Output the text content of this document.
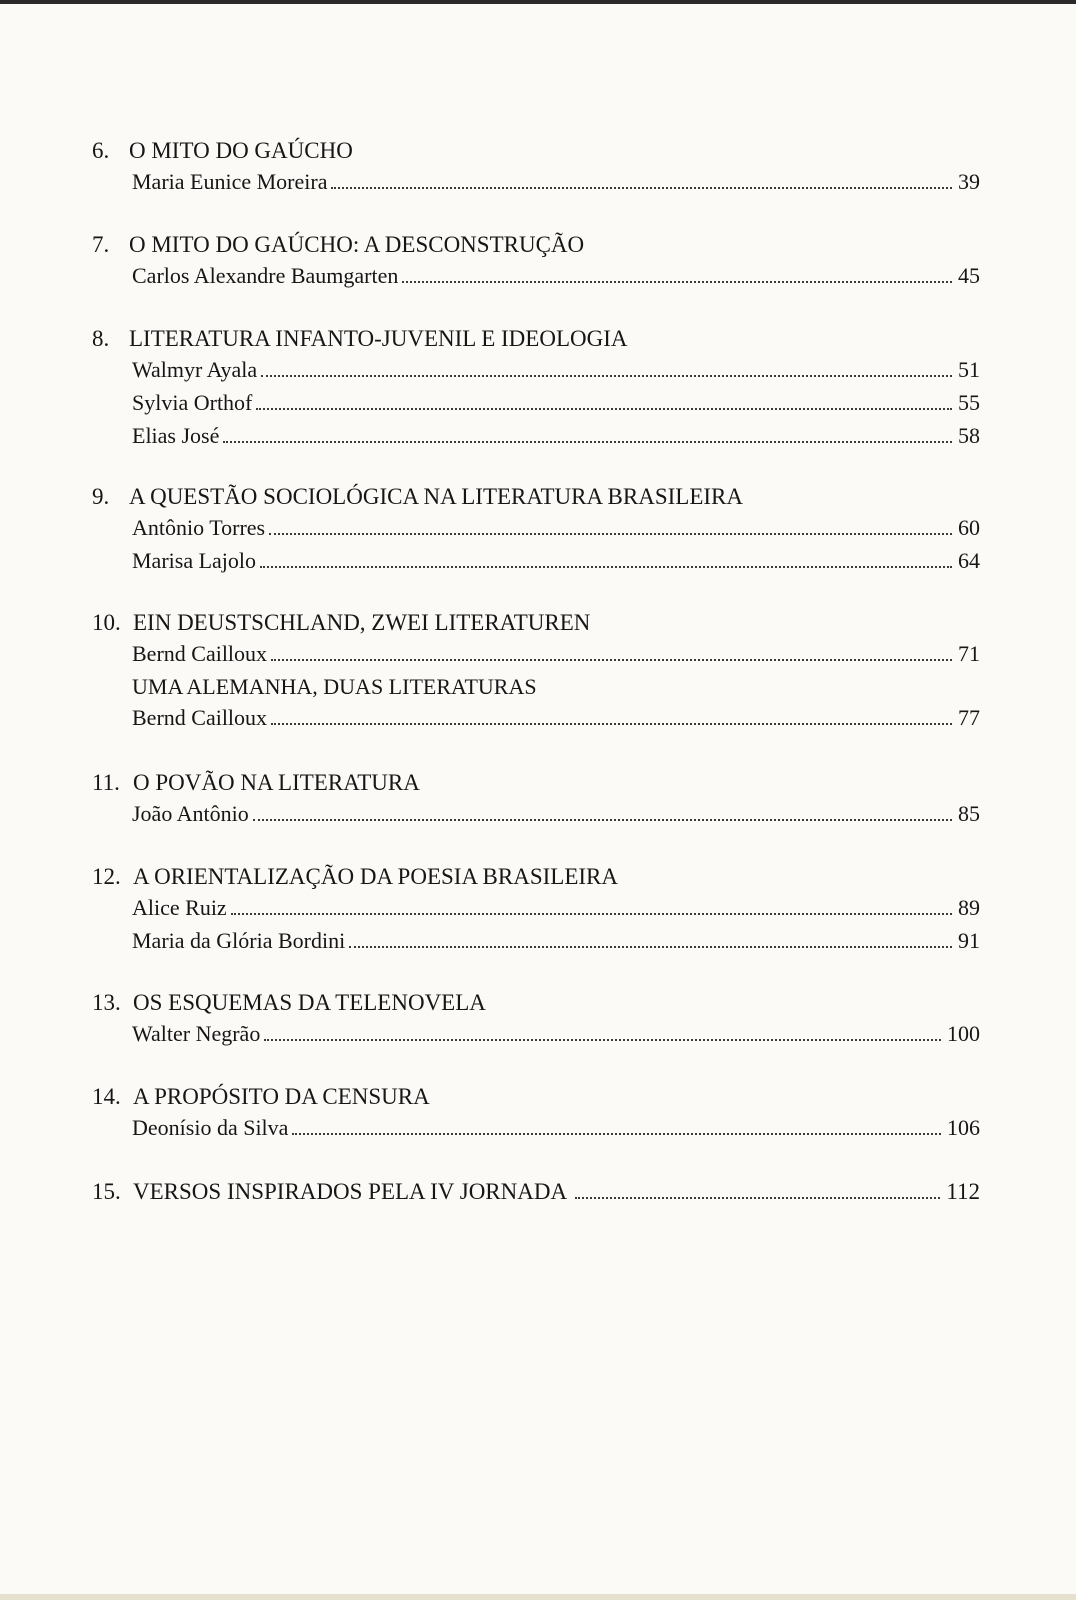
6. O MITO DO GAÚCHO
Maria Eunice Moreira	39
7. O MITO DO GAÚCHO: A DESCONSTRUÇÃO
Carlos Alexandre Baumgarten	45
8. LITERATURA INFANTO-JUVENIL E IDEOLOGIA
Walmyr Ayala	51
Sylvia Orthof	55
Elias José	58
9. A QUESTÃO SOCIOLÓGICA NA LITERATURA BRASILEIRA
Antônio Torres	60
Marisa Lajolo	64
10. EIN DEUSTSCHLAND, ZWEI LITERATUREN
Bernd Cailloux	71
UMA ALEMANHA, DUAS LITERATURAS
Bernd Cailloux	77
11. O POVÃO NA LITERATURA
João Antônio	85
12. A ORIENTALIZAÇÃO DA POESIA BRASILEIRA
Alice Ruiz	89
Maria da Glória Bordini	91
13. OS ESQUEMAS DA TELENOVELA
Walter Negrão	100
14. A PROPÓSITO DA CENSURA
Deonísio da Silva	106
15. VERSOS INSPIRADOS PELA IV JORNADA	112
